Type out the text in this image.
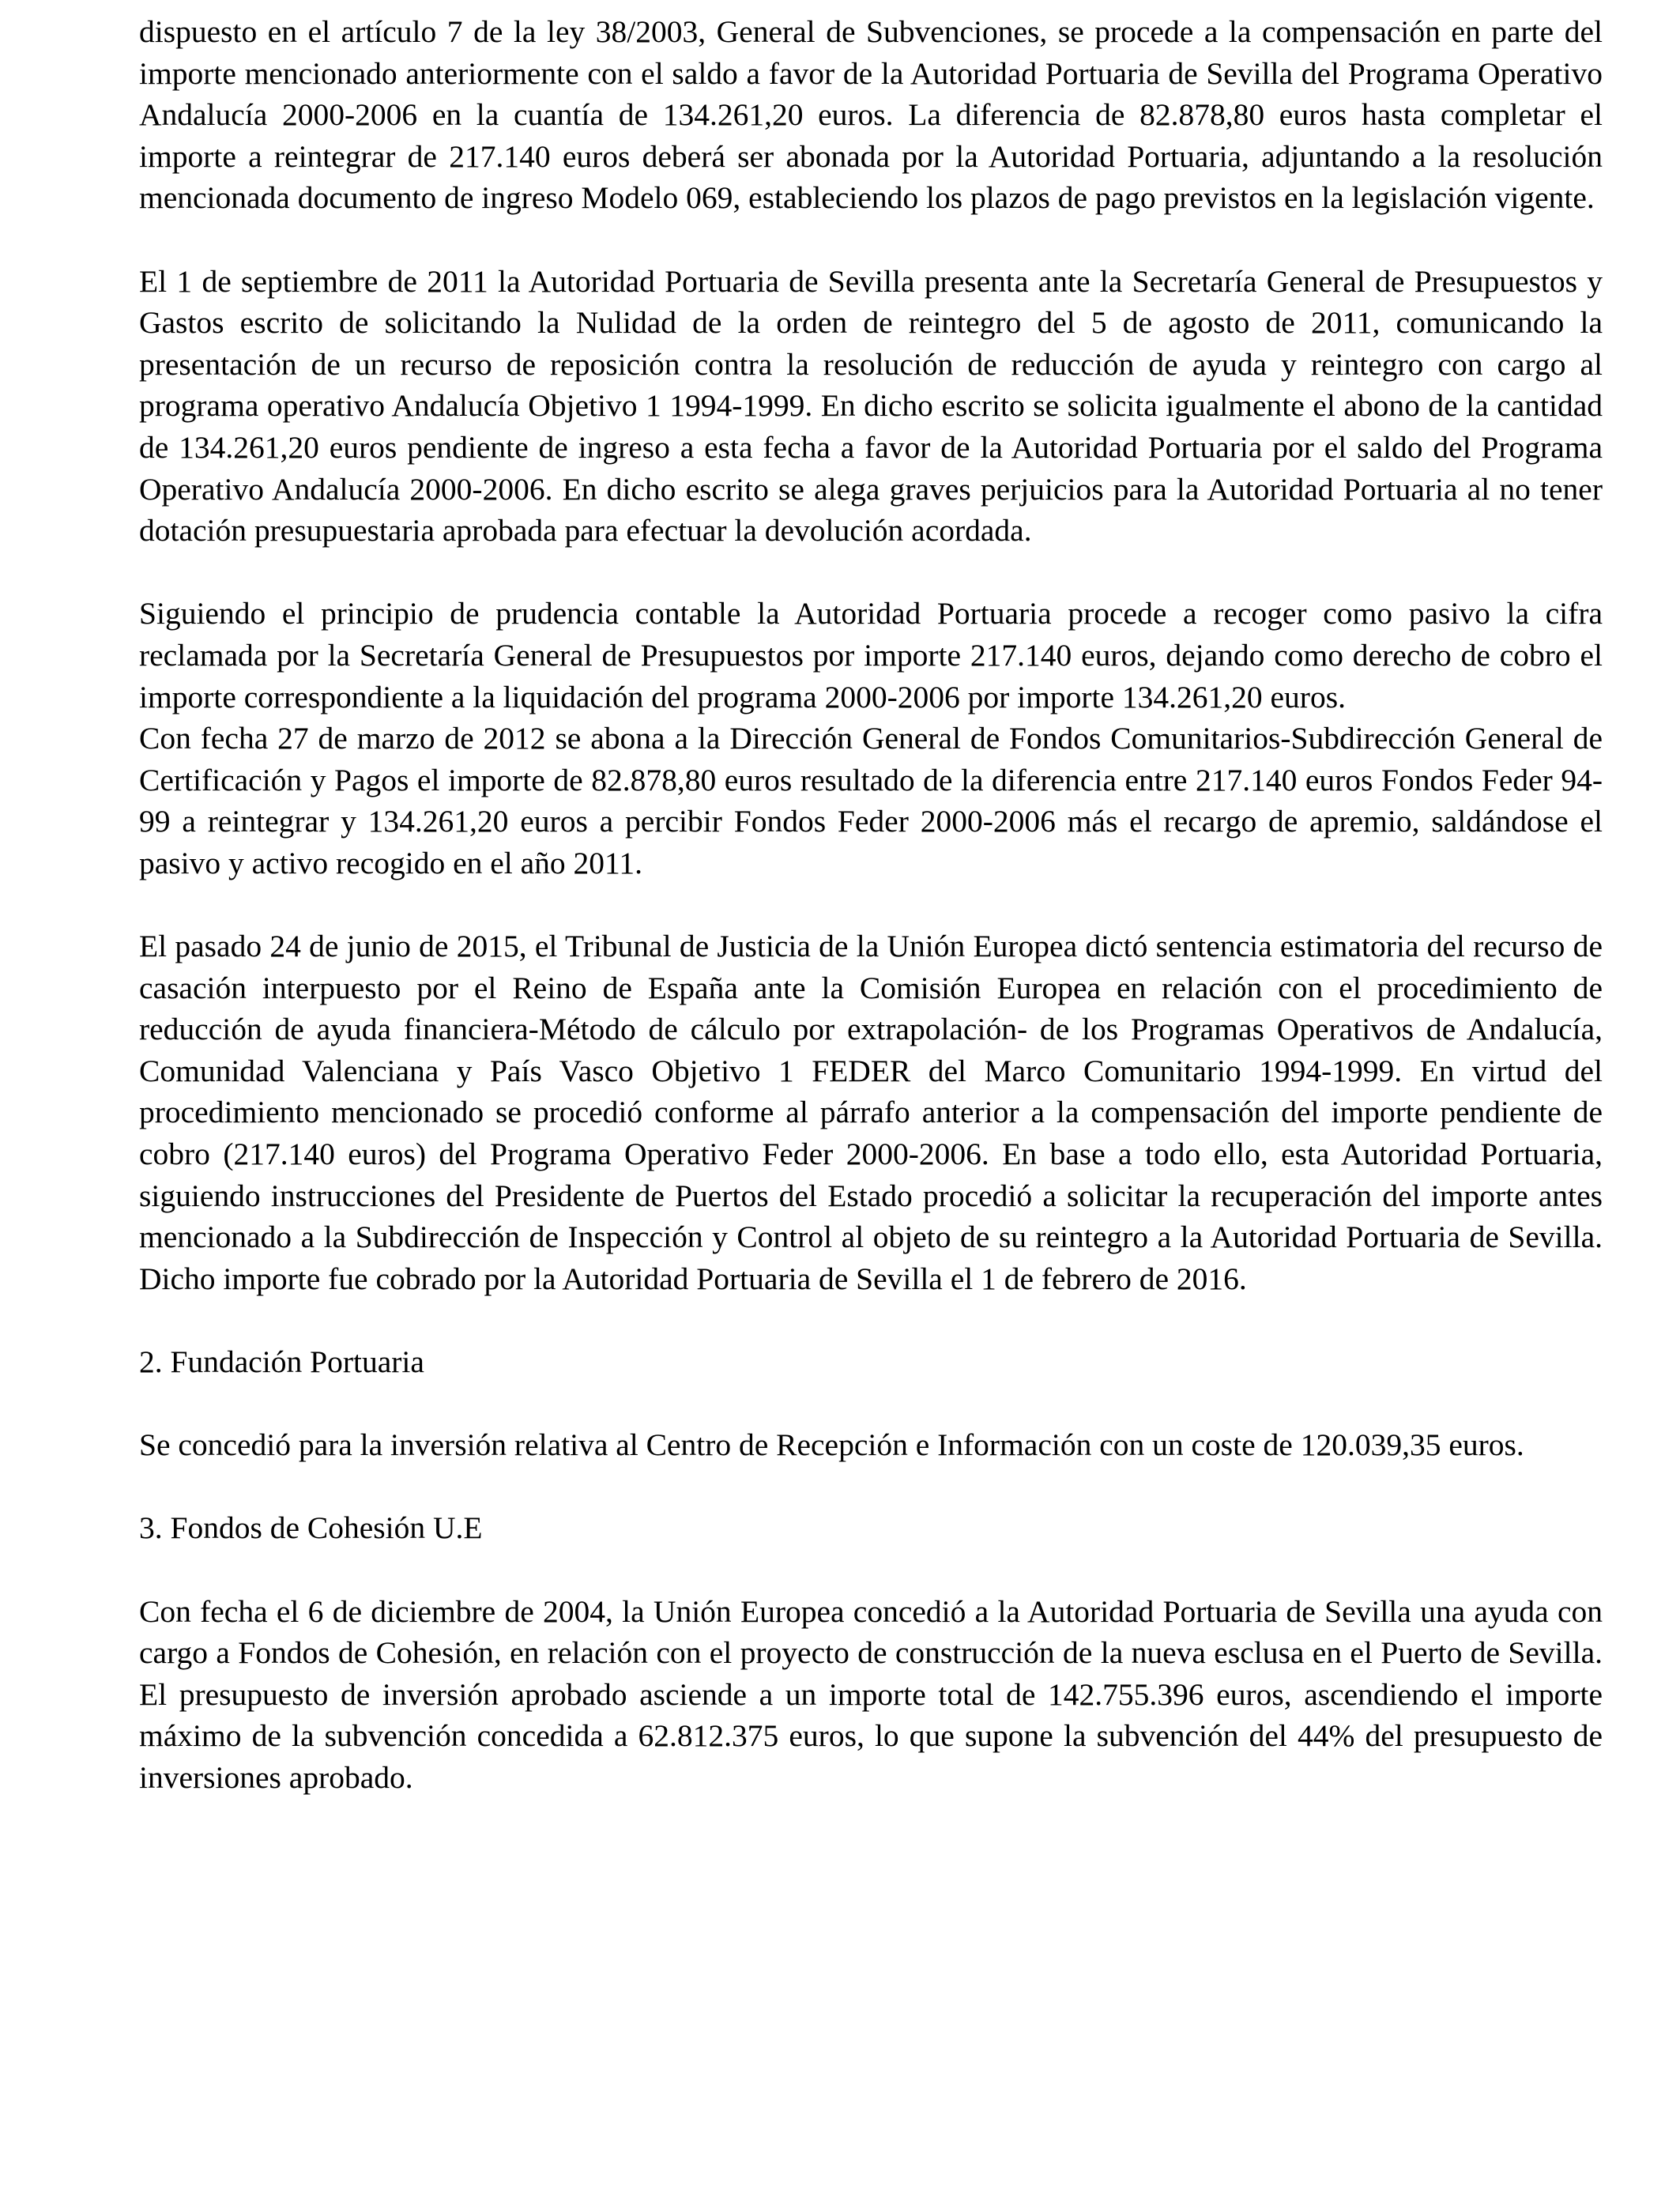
dispuesto en el artículo 7 de la ley 38/2003, General de Subvenciones, se procede a la compensación en parte del importe mencionado anteriormente con el saldo a favor de la Autoridad Portuaria de Sevilla del Programa Operativo Andalucía 2000-2006 en la cuantía de 134.261,20 euros. La diferencia de 82.878,80 euros hasta completar el importe a reintegrar de 217.140 euros deberá ser abonada por la Autoridad Portuaria, adjuntando a la resolución mencionada documento de ingreso Modelo 069, estableciendo los plazos de pago previstos en la legislación vigente.

El 1 de septiembre de 2011 la Autoridad Portuaria de Sevilla presenta ante la Secretaría General de Presupuestos y Gastos escrito de solicitando la Nulidad de la orden de reintegro del 5 de agosto de 2011, comunicando la presentación de un recurso de reposición contra la resolución de reducción de ayuda y reintegro con cargo al programa operativo Andalucía Objetivo 1 1994-1999. En dicho escrito se solicita igualmente el abono de la cantidad de 134.261,20 euros pendiente de ingreso a esta fecha a favor de la Autoridad Portuaria por el saldo del Programa Operativo Andalucía 2000-2006. En dicho escrito se alega graves perjuicios para la Autoridad Portuaria al no tener dotación presupuestaria aprobada para efectuar la devolución acordada.

Siguiendo el principio de prudencia contable la Autoridad Portuaria procede a recoger como pasivo la cifra reclamada por la Secretaría General de Presupuestos por importe 217.140 euros, dejando como derecho de cobro el importe correspondiente a la liquidación del programa 2000-2006 por importe 134.261,20 euros.

Con fecha 27 de marzo de 2012 se abona a la Dirección General de Fondos Comunitarios-Subdirección General de Certificación y Pagos el importe de 82.878,80 euros resultado de la diferencia entre 217.140 euros Fondos Feder 94-99 a reintegrar y 134.261,20 euros a percibir Fondos Feder 2000-2006 más el recargo de apremio, saldándose el pasivo y activo recogido en el año 2011.

El pasado 24 de junio de 2015, el Tribunal de Justicia de la Unión Europea dictó sentencia estimatoria del recurso de casación interpuesto por el Reino de España ante la Comisión Europea en relación con el procedimiento de reducción de ayuda financiera-Método de cálculo por extrapolación- de los Programas Operativos de Andalucía, Comunidad Valenciana y País Vasco Objetivo 1 FEDER del Marco Comunitario 1994-1999. En virtud del procedimiento mencionado se procedió conforme al párrafo anterior a la compensación del importe pendiente de cobro (217.140 euros) del Programa Operativo Feder 2000-2006. En base a todo ello, esta Autoridad Portuaria, siguiendo instrucciones del Presidente de Puertos del Estado procedió a solicitar la recuperación del importe antes mencionado a la Subdirección de Inspección y Control al objeto de su reintegro a la Autoridad Portuaria de Sevilla. Dicho importe fue cobrado por la Autoridad Portuaria de Sevilla el 1 de febrero de 2016.

2. Fundación Portuaria

Se concedió para la inversión relativa al Centro de Recepción e Información con un coste de 120.039,35 euros.

3. Fondos de Cohesión U.E

Con fecha el 6 de diciembre de 2004, la Unión Europea concedió a la Autoridad Portuaria de Sevilla una ayuda con cargo a Fondos de Cohesión, en relación con el proyecto de construcción de la nueva esclusa en el Puerto de Sevilla. El presupuesto de inversión aprobado asciende a un importe total de 142.755.396 euros, ascendiendo el importe máximo de la subvención concedida a 62.812.375 euros, lo que supone la subvención del 44% del presupuesto de inversiones aprobado.
